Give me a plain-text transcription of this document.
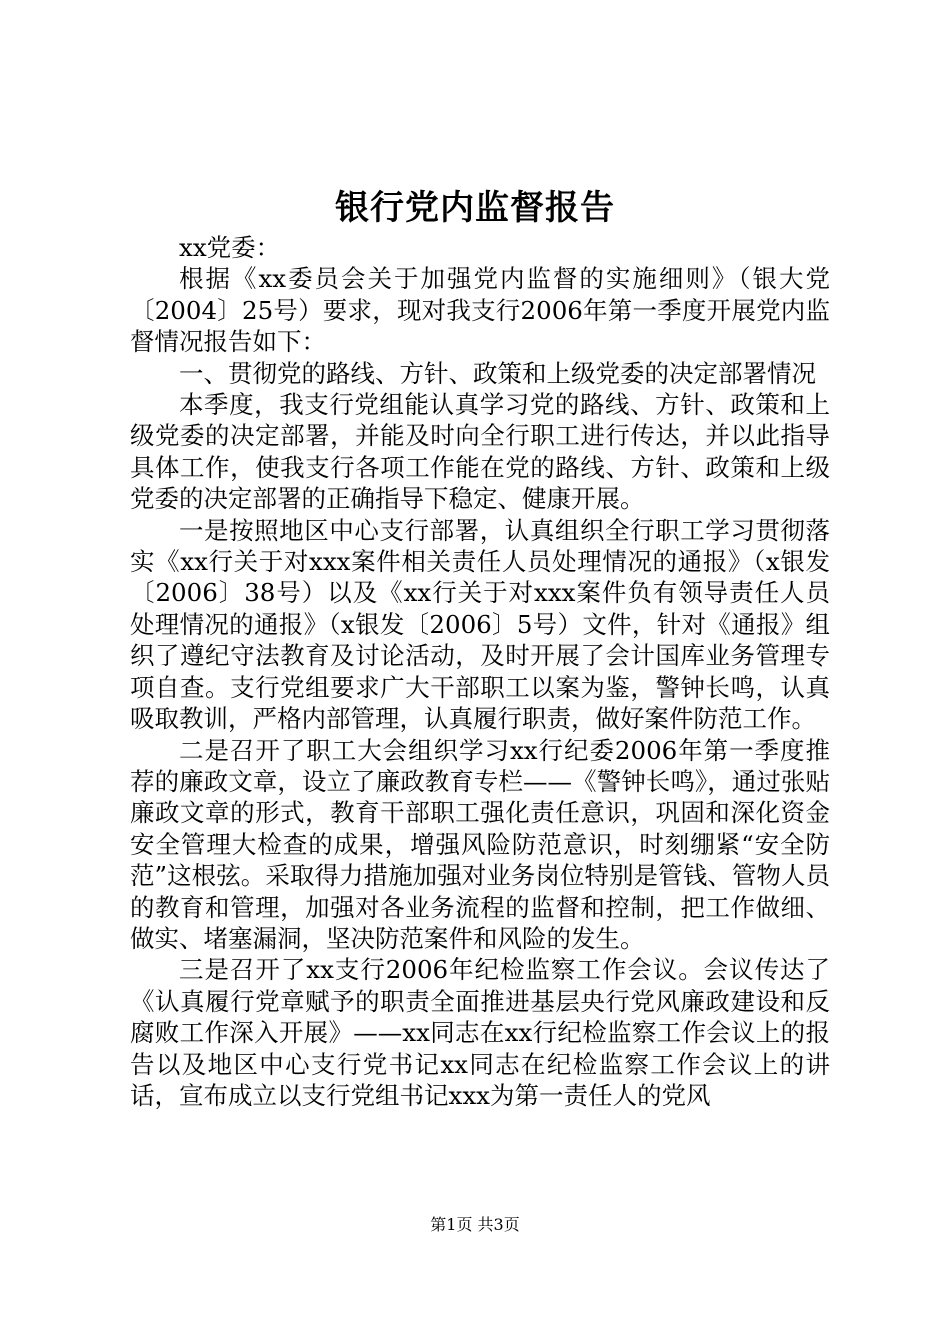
银行党内监督报告

xx党委：

根据《xx委员会关于加强党内监督的实施细则》（银大党〔2004〕25号）要求，现对我支行2006年第一季度开展党内监督情况报告如下：

一、贯彻党的路线、方针、政策和上级党委的决定部署情况

本季度，我支行党组能认真学习党的路线、方针、政策和上级党委的决定部署，并能及时向全行职工进行传达，并以此指导具体工作，使我支行各项工作能在党的路线、方针、政策和上级党委的决定部署的正确指导下稳定、健康开展。

一是按照地区中心支行部署，认真组织全行职工学习贯彻落实《xx行关于对xxx案件相关责任人员处理情况的通报》（x银发〔2006〕38号）以及《xx行关于对xxx案件负有领导责任人员处理情况的通报》（x银发〔2006〕5号）文件，针对《通报》组织了遵纪守法教育及讨论活动，及时开展了会计国库业务管理专项自查。支行党组要求广大干部职工以案为鉴，警钟长鸣，认真吸取教训，严格内部管理，认真履行职责，做好案件防范工作。

二是召开了职工大会组织学习xx行纪委2006年第一季度推荐的廉政文章，设立了廉政教育专栏——《警钟长鸣》，通过张贴廉政文章的形式，教育干部职工强化责任意识，巩固和深化资金安全管理大检查的成果，增强风险防范意识，时刻绷紧“安全防范”这根弦。采取得力措施加强对业务岗位特别是管钱、管物人员的教育和管理，加强对各业务流程的监督和控制，把工作做细、做实、堵塞漏洞，坚决防范案件和风险的发生。

三是召开了xx支行2006年纪检监察工作会议。会议传达了《认真履行党章赋予的职责全面推进基层央行党风廉政建设和反腐败工作深入开展》——xx同志在xx行纪检监察工作会议上的报告以及地区中心支行党书记xx同志在纪检监察工作会议上的讲话，宣布成立以支行党组书记xxx为第一责任人的党风

第1页 共3页
